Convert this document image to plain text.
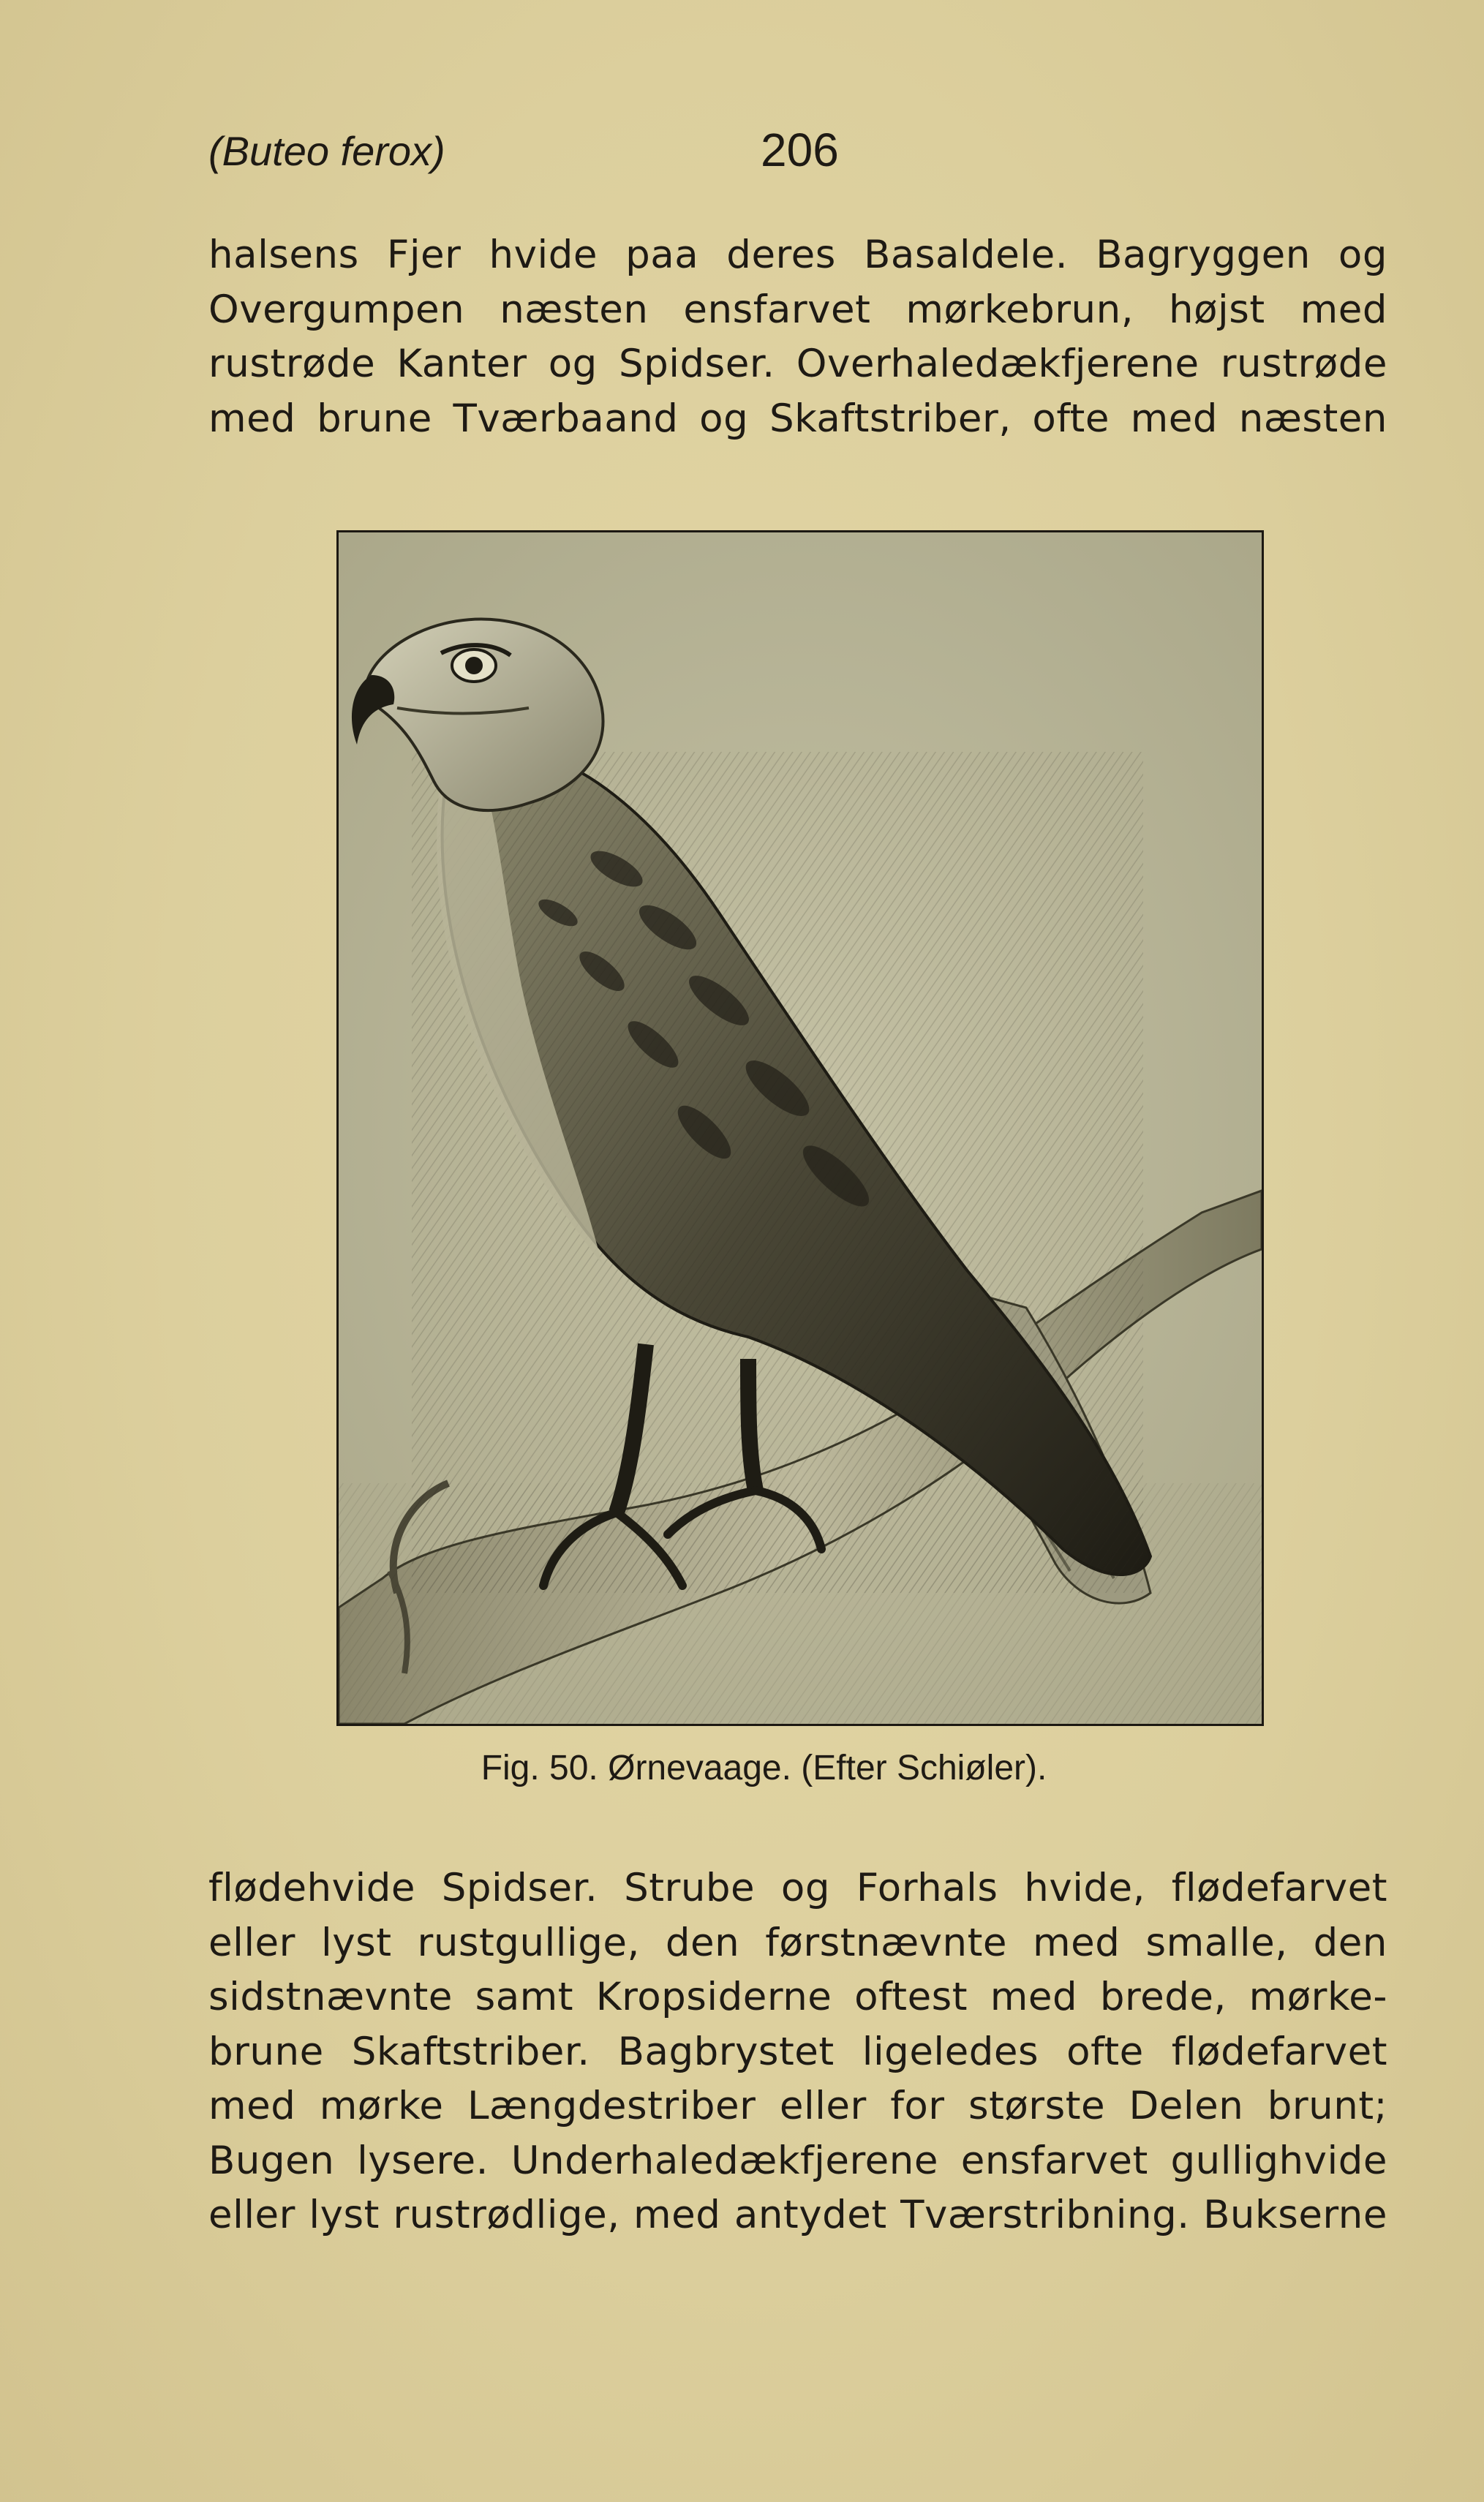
(Buteo ferox)	206
halsens Fjer hvide paa deres Basaldele. Bagryggen og
Overgumpen næsten ensfarvet mørkebrun, højst med
rustrøde Kanter og Spidser. Overhaledækfjerene rustrøde
med brune Tværbaand og Skaftstriber, ofte med næsten
Fig. 50. Ørnevaage. (Efter Schiøler).
flødehvide Spidser. Strube og Forhals hvide, flødefarvet
eller lyst rustgullige, den førstnævnte med smalle, den
sidstnævnte samt Kropsiderne oftest med brede, mørke-
brune Skaftstriber. Bagbrystet ligeledes ofte flødefarvet
med mørke Længdestriber eller for største Delen brunt;
Bugen lysere. Underhaledækfjerene ensfarvet gullighvide
eller lyst rustrødlige, med antydet Tværstribning. Bukserne
